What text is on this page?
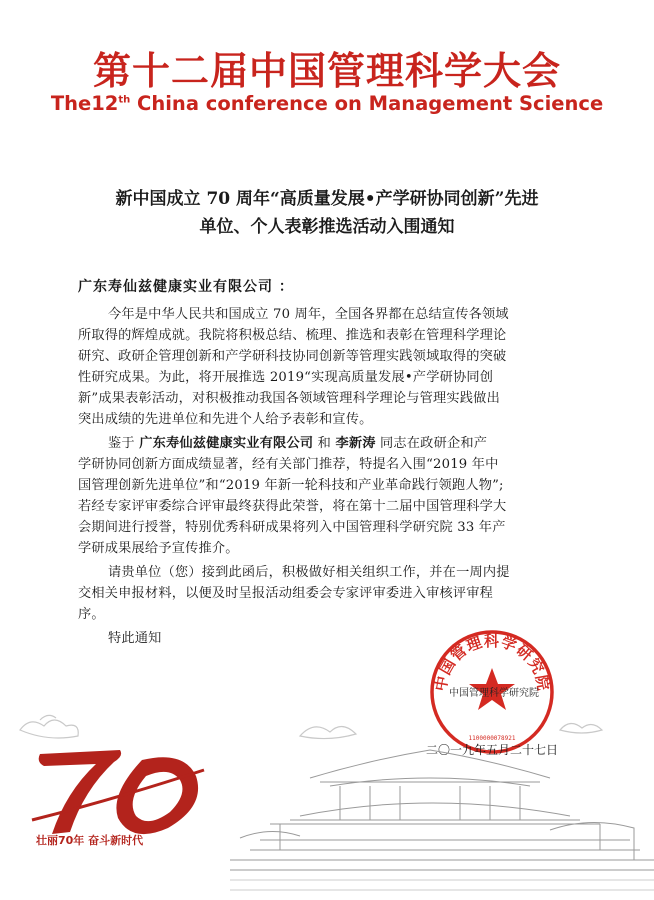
第十二届中国管理科学大会
The12th China conference on Management Science
新中国成立 70 周年“高质量发展•产学研协同创新”先进
单位、个人表彰推选活动入围通知
广东寿仙兹健康实业有限公司 ：
今年是中华人民共和国成立 70 周年，全国各界都在总结宣传各领域
所取得的辉煌成就。我院将积极总结、梳理、推选和表彰在管理科学理论
研究、政研企管理创新和产学研科技协同创新等管理实践领域取得的突破
性研究成果。为此，将开展推选 2019“实现高质量发展•产学研协同创
新”成果表彰活动，对积极推动我国各领域管理科学理论与管理实践做出
突出成绩的先进单位和先进个人给予表彰和宣传。
鉴于 广东寿仙兹健康实业有限公司 和 李新涛 同志在政研企和产
学研协同创新方面成绩显著，经有关部门推荐，特提名入围“2019 年中
国管理创新先进单位”和“2019 年新一轮科技和产业革命践行领跑人物”;
若经专家评审委综合评审最终获得此荣誉，将在第十二届中国管理科学大
会期间进行授誉，特别优秀科研成果将列入中国管理科学研究院 33 年产
学研成果展给予宣传推介。
请贵单位（您）接到此函后，积极做好相关组织工作，并在一周内提
交相关申报材料，以便及时呈报活动组委会专家评审委进入审核评审程
序。
特此通知
中国管理科学研究院
1100000078921
中国管理科学研究院
二〇一九年五月二十七日
壮丽70年 奋斗新时代
